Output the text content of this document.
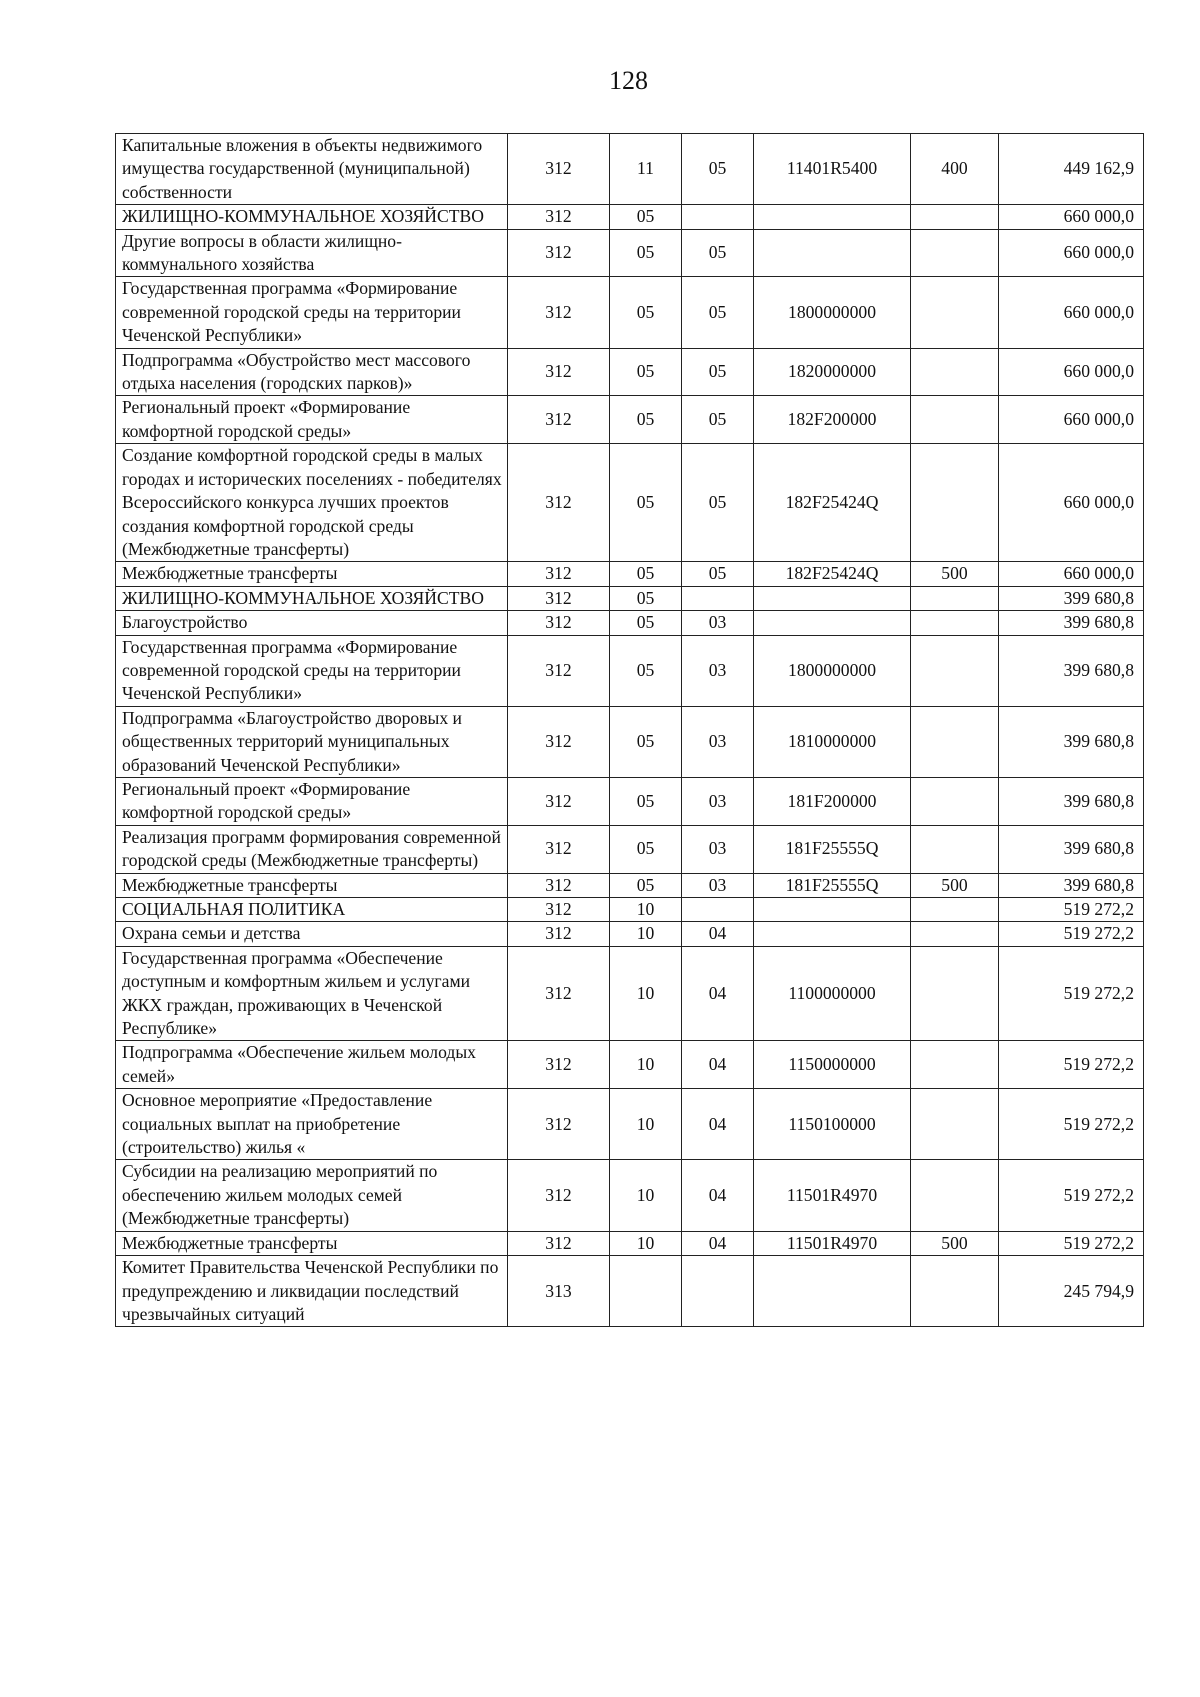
128
Капитальные вложения в объекты недвижимого имущества государственной (муниципальной) собственности	312	11	05	11401R5400	400	449 162,9
ЖИЛИЩНО-КОММУНАЛЬНОЕ ХОЗЯЙСТВО	312	05				660 000,0
Другие вопросы в области жилищно-коммунального хозяйства	312	05	05			660 000,0
Государственная программа «Формирование современной городской среды на территории Чеченской Республики»	312	05	05	1800000000		660 000,0
Подпрограмма «Обустройство мест массового отдыха населения (городских парков)»	312	05	05	1820000000		660 000,0
Региональный проект «Формирование комфортной городской среды»	312	05	05	182F200000		660 000,0
Создание комфортной городской среды в малых городах и исторических поселениях - победителях Всероссийского конкурса лучших проектов создания комфортной городской среды (Межбюджетные трансферты)	312	05	05	182F25424Q		660 000,0
Межбюджетные трансферты	312	05	05	182F25424Q	500	660 000,0
ЖИЛИЩНО-КОММУНАЛЬНОЕ ХОЗЯЙСТВО	312	05				399 680,8
Благоустройство	312	05	03			399 680,8
Государственная программа «Формирование современной городской среды на территории Чеченской Республики»	312	05	03	1800000000		399 680,8
Подпрограмма «Благоустройство дворовых и общественных территорий муниципальных образований Чеченской Республики»	312	05	03	1810000000		399 680,8
Региональный проект «Формирование комфортной городской среды»	312	05	03	181F200000		399 680,8
Реализация программ формирования современной городской среды (Межбюджетные трансферты)	312	05	03	181F25555Q		399 680,8
Межбюджетные трансферты	312	05	03	181F25555Q	500	399 680,8
СОЦИАЛЬНАЯ ПОЛИТИКА	312	10				519 272,2
Охрана семьи и детства	312	10	04			519 272,2
Государственная программа «Обеспечение доступным и комфортным жильем и услугами ЖКХ граждан, проживающих в Чеченской Республике»	312	10	04	1100000000		519 272,2
Подпрограмма «Обеспечение жильем молодых семей»	312	10	04	1150000000		519 272,2
Основное мероприятие «Предоставление социальных выплат на приобретение (строительство) жилья «	312	10	04	1150100000		519 272,2
Субсидии на реализацию мероприятий по обеспечению жильем молодых семей (Межбюджетные трансферты)	312	10	04	11501R4970		519 272,2
Межбюджетные трансферты	312	10	04	11501R4970	500	519 272,2
Комитет Правительства Чеченской Республики по предупреждению и ликвидации последствий чрезвычайных ситуаций	313					245 794,9
